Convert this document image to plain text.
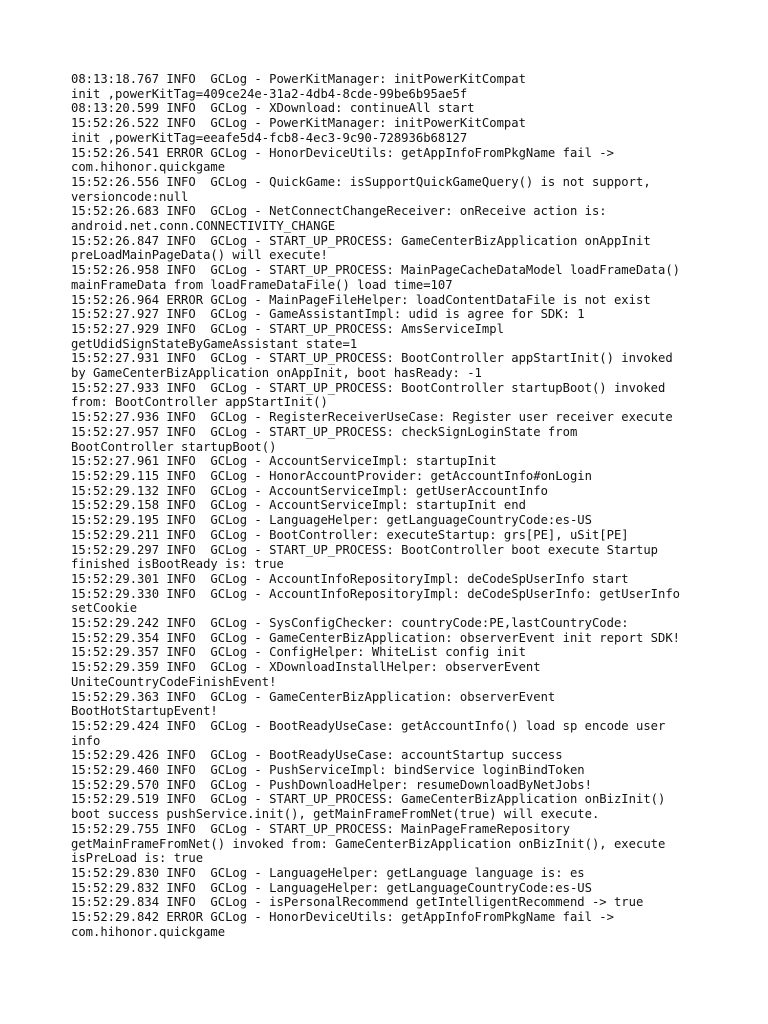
08:13:18.767 INFO  GCLog - PowerKitManager: initPowerKitCompat
init ,powerKitTag=409ce24e-31a2-4db4-8cde-99be6b95ae5f
08:13:20.599 INFO  GCLog - XDownload: continueAll start
15:52:26.522 INFO  GCLog - PowerKitManager: initPowerKitCompat
init ,powerKitTag=eeafe5d4-fcb8-4ec3-9c90-728936b68127
15:52:26.541 ERROR GCLog - HonorDeviceUtils: getAppInfoFromPkgName fail ->
com.hihonor.quickgame
15:52:26.556 INFO  GCLog - QuickGame: isSupportQuickGameQuery() is not support,
versioncode:null
15:52:26.683 INFO  GCLog - NetConnectChangeReceiver: onReceive action is:
android.net.conn.CONNECTIVITY_CHANGE
15:52:26.847 INFO  GCLog - START_UP_PROCESS: GameCenterBizApplication onAppInit
preLoadMainPageData() will execute!
15:52:26.958 INFO  GCLog - START_UP_PROCESS: MainPageCacheDataModel loadFrameData()
mainFrameData from loadFrameDataFile() load time=107
15:52:26.964 ERROR GCLog - MainPageFileHelper: loadContentDataFile is not exist
15:52:27.927 INFO  GCLog - GameAssistantImpl: udid is agree for SDK: 1
15:52:27.929 INFO  GCLog - START_UP_PROCESS: AmsServiceImpl
getUdidSignStateByGameAssistant state=1
15:52:27.931 INFO  GCLog - START_UP_PROCESS: BootController appStartInit() invoked
by GameCenterBizApplication onAppInit, boot hasReady: -1
15:52:27.933 INFO  GCLog - START_UP_PROCESS: BootController startupBoot() invoked
from: BootController appStartInit()
15:52:27.936 INFO  GCLog - RegisterReceiverUseCase: Register user receiver execute
15:52:27.957 INFO  GCLog - START_UP_PROCESS: checkSignLoginState from
BootController startupBoot()
15:52:27.961 INFO  GCLog - AccountServiceImpl: startupInit
15:52:29.115 INFO  GCLog - HonorAccountProvider: getAccountInfo#onLogin
15:52:29.132 INFO  GCLog - AccountServiceImpl: getUserAccountInfo
15:52:29.158 INFO  GCLog - AccountServiceImpl: startupInit end
15:52:29.195 INFO  GCLog - LanguageHelper: getLanguageCountryCode:es-US
15:52:29.211 INFO  GCLog - BootController: executeStartup: grs[PE], uSit[PE]
15:52:29.297 INFO  GCLog - START_UP_PROCESS: BootController boot execute Startup
finished isBootReady is: true
15:52:29.301 INFO  GCLog - AccountInfoRepositoryImpl: deCodeSpUserInfo start
15:52:29.330 INFO  GCLog - AccountInfoRepositoryImpl: deCodeSpUserInfo: getUserInfo
setCookie
15:52:29.242 INFO  GCLog - SysConfigChecker: countryCode:PE,lastCountryCode:
15:52:29.354 INFO  GCLog - GameCenterBizApplication: observerEvent init report SDK!
15:52:29.357 INFO  GCLog - ConfigHelper: WhiteList config init
15:52:29.359 INFO  GCLog - XDownloadInstallHelper: observerEvent
UniteCountryCodeFinishEvent!
15:52:29.363 INFO  GCLog - GameCenterBizApplication: observerEvent
BootHotStartupEvent!
15:52:29.424 INFO  GCLog - BootReadyUseCase: getAccountInfo() load sp encode user
info
15:52:29.426 INFO  GCLog - BootReadyUseCase: accountStartup success
15:52:29.460 INFO  GCLog - PushServiceImpl: bindService loginBindToken
15:52:29.570 INFO  GCLog - PushDownloadHelper: resumeDownloadByNetJobs!
15:52:29.519 INFO  GCLog - START_UP_PROCESS: GameCenterBizApplication onBizInit()
boot success pushService.init(), getMainFrameFromNet(true) will execute.
15:52:29.755 INFO  GCLog - START_UP_PROCESS: MainPageFrameRepository
getMainFrameFromNet() invoked from: GameCenterBizApplication onBizInit(), execute
isPreLoad is: true
15:52:29.830 INFO  GCLog - LanguageHelper: getLanguage language is: es
15:52:29.832 INFO  GCLog - LanguageHelper: getLanguageCountryCode:es-US
15:52:29.834 INFO  GCLog - isPersonalRecommend getIntelligentRecommend -> true
15:52:29.842 ERROR GCLog - HonorDeviceUtils: getAppInfoFromPkgName fail ->
com.hihonor.quickgame
